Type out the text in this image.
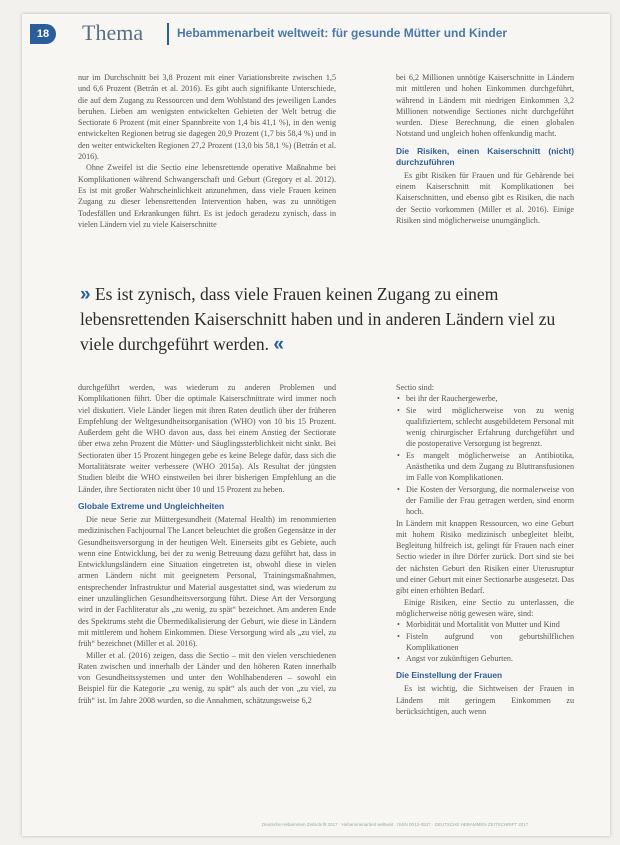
18	Thema	Hebammenarbeit weltweit: für gesunde Mütter und Kinder

nur im Durchschnitt bei 3,8 Prozent mit einer Variationsbreite zwischen 1,5 und 6,6 Prozent (Betrán et al. 2016). Es gibt auch signifikante Unterschiede, die auf dem Zugang zu Ressourcen und dem Wohlstand des jeweiligen Landes beruhen. Lieben am wenigsten entwickelten Gebieten der Welt betrug die Sectiorate 6 Prozent (mit einer Spannbreite von 1,4 bis 41,1 %), in den wenig entwickelten Regionen betrug sie dagegen 20,9 Prozent (1,7 bis 58,4 %) und in den weiter entwickelten Regionen 27,2 Prozent (13,0 bis 58,1 %) (Betrán et al. 2016).

Ohne Zweifel ist die Sectio eine lebensrettende operative Maßnahme bei Komplikationen während Schwangerschaft und Geburt (Gregory et al. 2012). Es ist mit großer Wahrscheinlichkeit anzunehmen, dass viele Frauen keinen Zugang zu dieser lebensrettenden Intervention haben, was zu unnötigen Todesfällen und Erkrankungen führt. Es ist jedoch geradezu zynisch, dass in vielen Ländern viel zu viele Kaiserschnitte

bei 6,2 Millionen unnötige Kaiserschnitte in Ländern mit mittleren und hohen Einkommen durchgeführt, während in Ländern mit niedrigen Einkommen 3,2 Millionen notwendige Sectiones nicht durchgeführt wurden. Diese Berechnung, die einen globalen Notstand und ungleich hohen offenkundig macht.

Die Risiken, einen Kaiserschnitt (nicht) durchzuführen

Es gibt Risiken für Frauen und für Gebärende bei einem Kaiserschnitt mit Komplikationen bei Kaiserschnitten, und ebenso gibt es Risiken, die nach der Sectio vorkommen (Miller et al. 2016). Einige Risiken sind möglicherweise unumgänglich.

» Es ist zynisch, dass viele Frauen keinen Zugang zu einem lebensrettenden Kaiserschnitt haben und in anderen Ländern viel zu viele durchgeführt werden. «

durchgeführt werden, was wiederum zu anderen Problemen und Komplikationen führt. Über die optimale Kaiserschnittrate wird immer noch viel diskutiert. Viele Länder liegen mit ihren Raten deutlich über der früheren Empfehlung der Weltgesundheitsorganisation (WHO) von 10 bis 15 Prozent. Außerdem geht die WHO davon aus, dass bei einem Anstieg der Sectiorate über etwa zehn Prozent die Mütter- und Säuglingssterblichkeit nicht sinkt. Bei Sectioraten über 15 Prozent hingegen gebe es keine Belege dafür, dass sich die Mortalitätsrate weiter verbessere (WHO 2015a). Als Resultat der jüngsten Studien bleibt die WHO einstweilen bei ihrer bisherigen Empfehlung an die Länder, ihre Sectioraten nicht über 10 und 15 Prozent zu heben.

Globale Extreme und Ungleichheiten

Die neue Serie zur Müttergesundheit (Maternal Health) im renommierten medizinischen Fachjournal The Lancet beleuchtet die großen Gegensätze in der Gesundheitsversorgung in der heutigen Welt. Einerseits gibt es Gebiete, auch wenn eine Entwicklung, bei der zu wenig Betreuung dazu geführt hat, dass in Entwicklungsländern eine Situation eingetreten ist, obwohl diese in vielen armen Ländern nicht mit geeignetem Personal, Trainingsmaßnahmen, entsprechender Infrastruktur und Material ausgestattet sind, was wiederum zu einer unzulänglichen Gesundheitsversorgung führt. Diese Art der Versorgung wird in der Fachliteratur als „zu wenig, zu spät“ bezeichnet. Am anderen Ende des Spektrums steht die Übermedikalisierung der Geburt, wie diese in Ländern mit mittlerem und hohem Einkommen. Diese Versorgung wird als „zu viel, zu früh“ bezeichnet (Miller et al. 2016).

Miller et al. (2016) zeigen, dass die Sectio – mit den vielen verschiedenen Raten zwischen und innerhalb der Länder und den höheren Raten innerhalb von Gesundheitssystemen und unter den Wohlhabenderen – sowohl ein Beispiel für die Kategorie „zu wenig, zu spät“ als auch der von „zu viel, zu früh“ ist. Im Jahre 2008 wurden, so die Annahmen, schätzungsweise 6,2

Sectio sind:

• bei ihr der Rauchergewerbe,
• Sie wird möglicherweise von zu wenig qualifiziertem, schlecht ausgebildetem Personal mit wenig chirurgischer Erfahrung durchgeführt und die postoperative Versorgung ist begrenzt.
• Es mangelt möglicherweise an Antibiotika, Anästhetika und dem Zugang zu Bluttransfusionen im Falle von Komplikationen.
• Die Kosten der Versorgung, die normalerweise von der Familie der Frau getragen werden, sind enorm hoch.

In Ländern mit knappen Ressourcen, wo eine Geburt mit hohem Risiko medizinisch unbegleitet bleibt, Begleitung hilfreich ist, gelingt für Frauen nach einer Sectio wieder in ihre Dörfer zurück. Dort sind sie bei der nächsten Geburt den Risiken einer Uterusruptur und einer Geburt mit einer Sectionarbe ausgesetzt. Das gibt einen erhöhten Bedarf.

Einige Risiken, eine Sectio zu unterlassen, die möglicherweise nötig gewesen wäre, sind:

• Morbidität und Mortalität von Mutter und Kind
• Fisteln aufgrund von geburtshilflichen Komplikationen
• Angst vor zukünftigen Geburten.
Die Einstellung der Frauen

Es ist wichtig, die Sichtweisen der Frauen in Ländern mit geringem Einkommen zu berücksichtigen, auch wenn

Deutsche Hebammen Zeitschrift 2017 · Hebammenarbeit weltweit · ISSN 0012-0537 · DEUTSCHE HEBAMMEN ZEITSCHRIFT 2017
